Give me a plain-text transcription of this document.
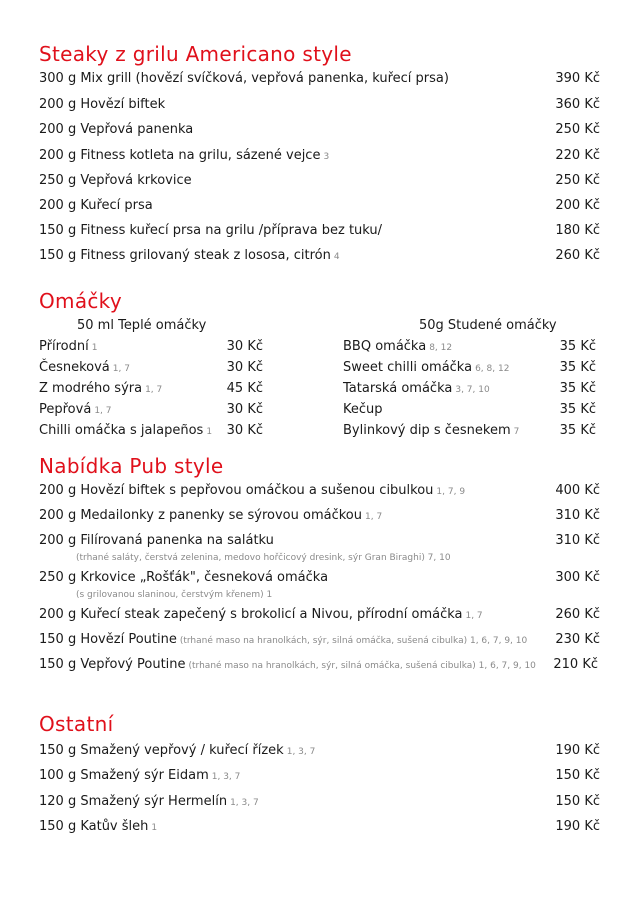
Steaky z grilu Americano style
300 g Mix grill (hovězí svíčková, vepřová panenka, kuřecí prsa)	390 Kč
200 g Hovězí biftek	360 Kč
200 g Vepřová panenka	250 Kč
200 g Fitness kotleta na grilu, sázené vejce 3	220 Kč
250 g Vepřová krkovice	250 Kč
200 g Kuřecí prsa	200 Kč
150 g Fitness kuřecí prsa na grilu /příprava bez tuku/	180 Kč
150 g Fitness grilovaný steak z lososa, citrón 4	260 Kč
Omáčky
50 ml Teplé omáčky	50g Studené omáčky
Přírodní 1	30 Kč
Česneková 1, 7	30 Kč
Z modrého sýra 1, 7	45 Kč
Pepřová 1, 7	30 Kč
Chilli omáčka s jalapeños 1 30 Kč
BBQ omáčka 8, 12	35 Kč
Sweet chilli omáčka 6, 8, 12	35 Kč
Tatarská omáčka 3, 7, 10	35 Kč
Kečup	35 Kč
Bylinkový dip s česnekem 7	35 Kč
Nabídka Pub style
200 g Hovězí biftek s pepřovou omáčkou a sušenou cibulkou 1, 7, 9	400 Kč
200 g Medailonky z panenky se sýrovou omáčkou 1, 7	310 Kč
200 g Filírovaná panenka na salátku	310 Kč
(trhané saláty, čerstvá zelenina, medovo hořčicový dresink, sýr Gran Biraghi) 7, 10
250 g Krkovice „Rošťák", česneková omáčka	300 Kč
(s grilovanou slaninou, čerstvým křenem) 1
200 g Kuřecí steak zapečený s brokolicí a Nivou, přírodní omáčka 1, 7	260 Kč
150 g Hovězí Poutine (trhané maso na hranolkách, sýr, silná omáčka, sušená cibulka) 1, 6, 7, 9, 10 230 Kč
150 g Vepřový Poutine (trhané maso na hranolkách, sýr, silná omáčka, sušená cibulka) 1, 6, 7, 9, 10 210 Kč
Ostatní
150 g Smažený vepřový / kuřecí řízek 1, 3, 7	190 Kč
100 g Smažený sýr Eidam 1, 3, 7	150 Kč
120 g Smažený sýr Hermelín 1, 3, 7	150 Kč
150 g Katův šleh 1	190 Kč
